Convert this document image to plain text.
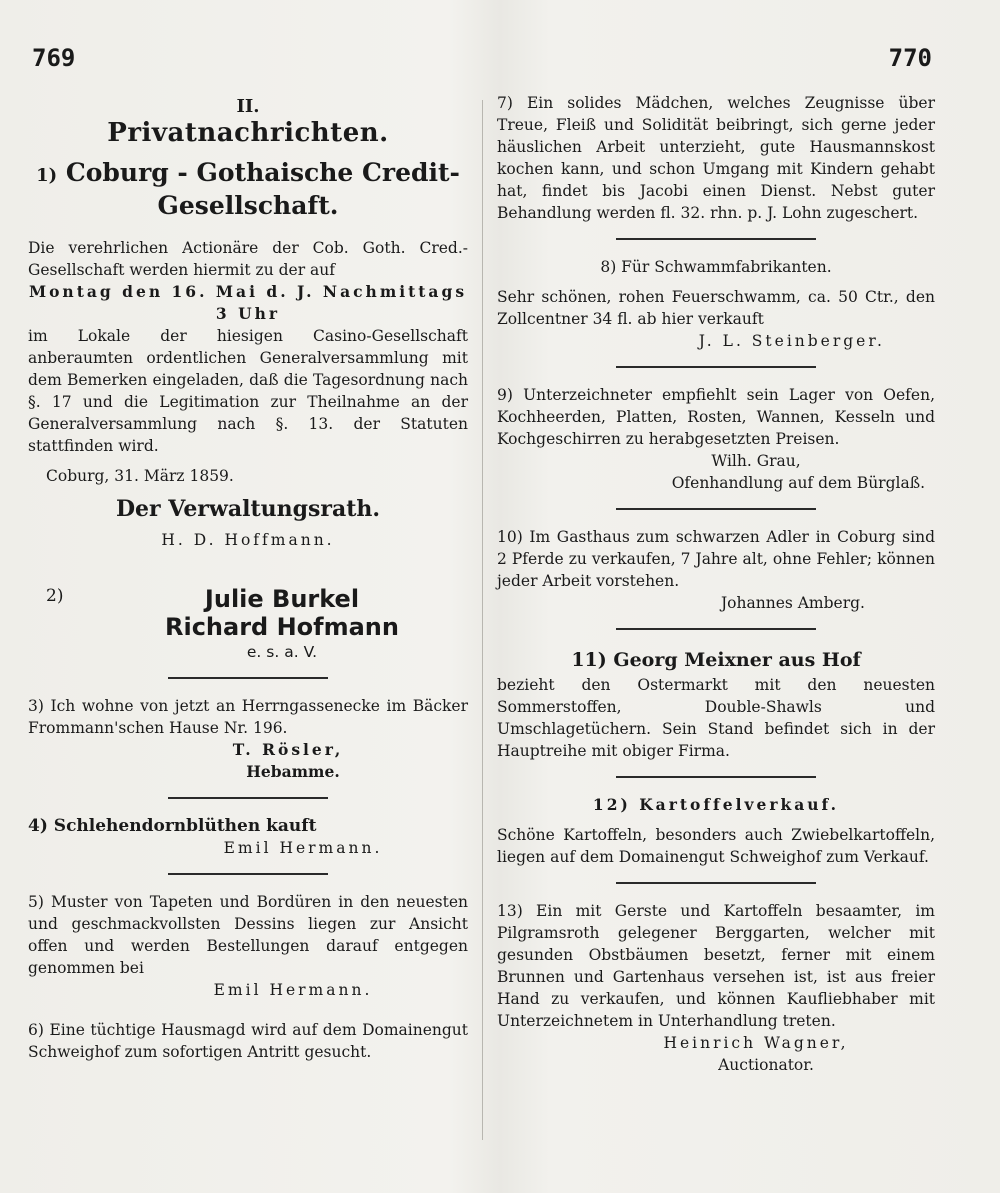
769	770
II.
Privatnachrichten.
1) Coburg - Gothaische Credit-Gesellschaft.

Die verehrlichen Actionäre der Cob. Goth. Cred.-Gesellschaft werden hiermit zu der auf

Montag den 16. Mai d. J. Nachmittags 3 Uhr

im Lokale der hiesigen Casino-Gesellschaft anberaumten ordentlichen Generalversammlung mit dem Bemerken eingeladen, daß die Tagesordnung nach §. 17 und die Legitimation zur Theilnahme an der Generalversammlung nach §. 13. der Statuten stattfinden wird.

Coburg, 31. März 1859.

Der Verwaltungsrath.

H. D. Hoffmann.

2)	Julie Burkel
Richard Hofmann
e. s. a. V.

3) Ich wohne von jetzt an Herrngassenecke im Bäcker Frommann'schen Hause Nr. 196.

T. Rösler,

Hebamme.

4) Schlehendornblüthen kauft

Emil Hermann.

5) Muster von Tapeten und Bordüren in den neuesten und geschmackvollsten Dessins liegen zur Ansicht offen und werden Bestellungen darauf entgegen genommen bei

Emil Hermann.

6) Eine tüchtige Hausmagd wird auf dem Domainengut Schweighof zum sofortigen Antritt gesucht.

7) Ein solides Mädchen, welches Zeugnisse über Treue, Fleiß und Solidität beibringt, sich gerne jeder häuslichen Arbeit unterzieht, gute Hausmannskost kochen kann, und schon Umgang mit Kindern gehabt hat, findet bis Jacobi einen Dienst. Nebst guter Behandlung werden fl. 32. rhn. p. J. Lohn zugeschert.

8) Für Schwammfabrikanten.

Sehr schönen, rohen Feuerschwamm, ca. 50 Ctr., den Zollcentner 34 fl. ab hier verkauft

J. L. Steinberger.

9) Unterzeichneter empfiehlt sein Lager von Oefen, Kochheerden, Platten, Rosten, Wannen, Kesseln und Kochgeschirren zu herabgesetzten Preisen.

Wilh. Grau,

Ofenhandlung auf dem Bürglaß.

10) Im Gasthaus zum schwarzen Adler in Coburg sind 2 Pferde zu verkaufen, 7 Jahre alt, ohne Fehler; können jeder Arbeit vorstehen.

Johannes Amberg.

11) Georg Meixner aus Hof

bezieht den Ostermarkt mit den neuesten Sommerstoffen, Double-Shawls und Umschlagetüchern. Sein Stand befindet sich in der Hauptreihe mit obiger Firma.

12) Kartoffelverkauf.

Schöne Kartoffeln, besonders auch Zwiebelkartoffeln, liegen auf dem Domainengut Schweighof zum Verkauf.

13) Ein mit Gerste und Kartoffeln besaamter, im Pilgramsroth gelegener Berggarten, welcher mit gesunden Obstbäumen besetzt, ferner mit einem Brunnen und Gartenhaus versehen ist, ist aus freier Hand zu verkaufen, und können Kaufliebhaber mit Unterzeichnetem in Unterhandlung treten.

Heinrich Wagner,

Auctionator.
